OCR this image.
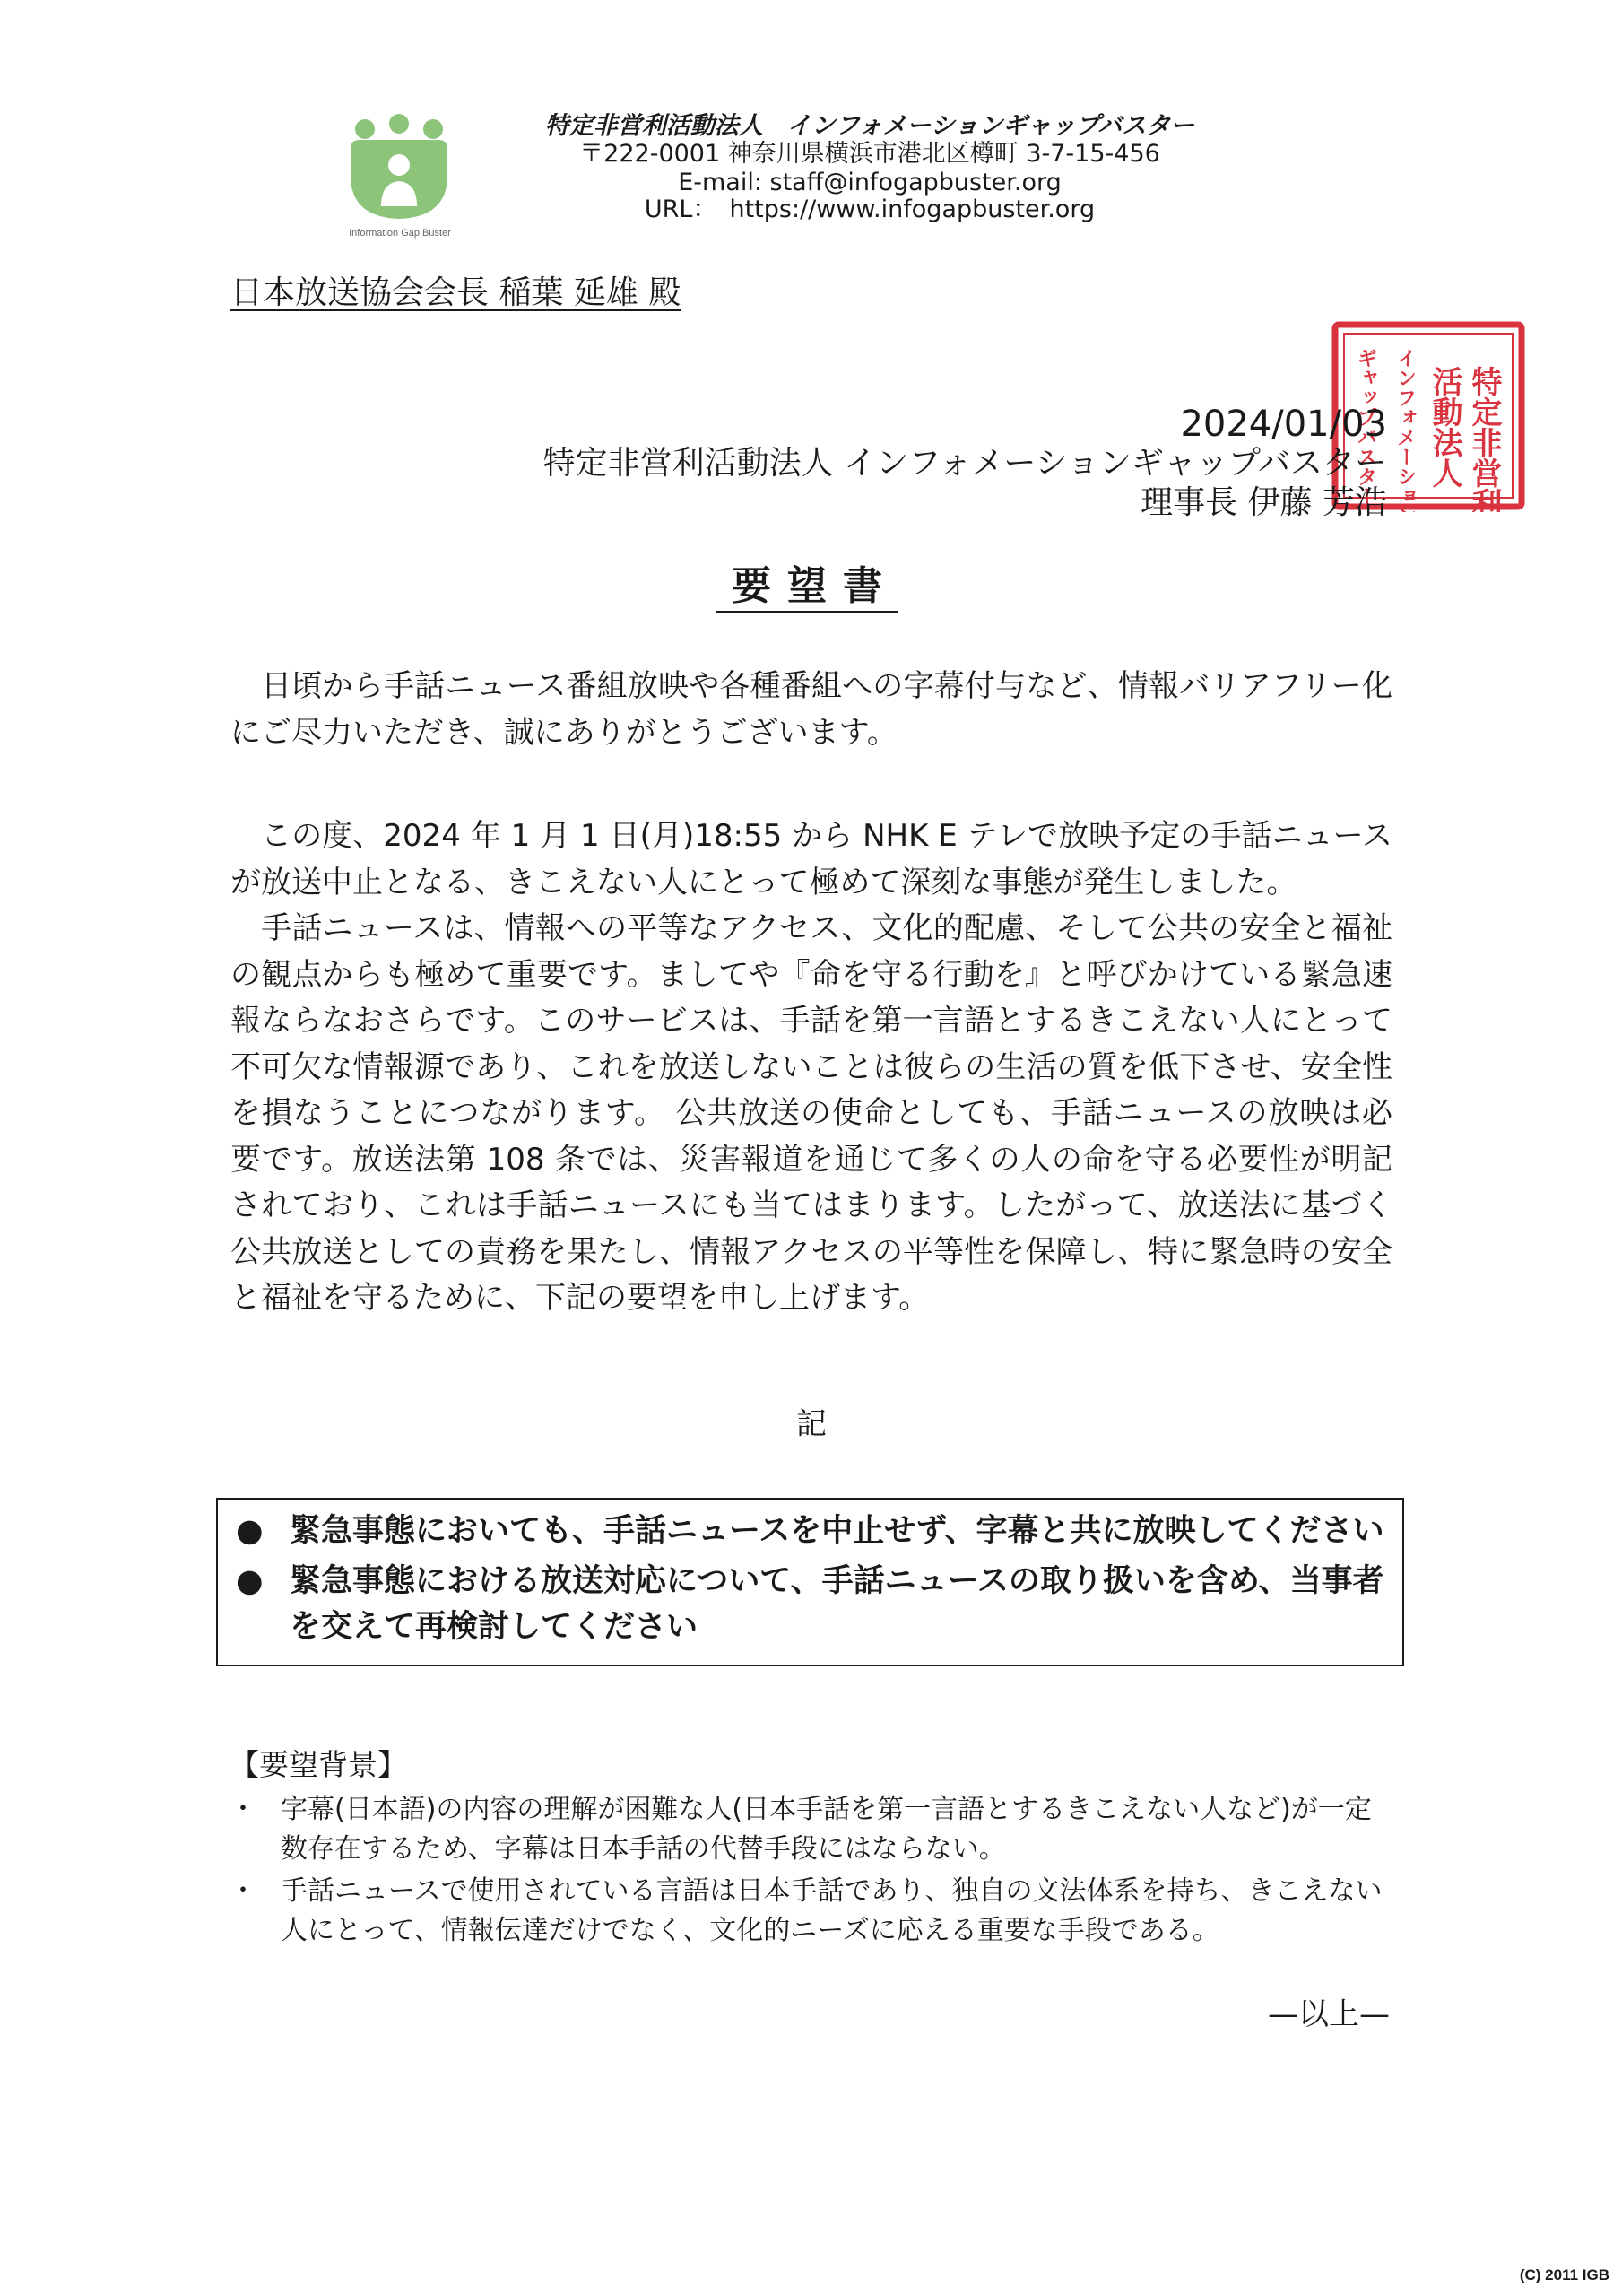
Information Gap Buster
特定非営利活動法人　インフォメーションギャップバスター
〒222-0001 神奈川県横浜市港北区樽町 3-7-15-456
E-mail: staff@infogapbuster.org
URL： https://www.infogapbuster.org
日本放送協会会長 稲葉 延雄 殿
特定非営利
活動法人
インフォメーション
ギャップバスター
2024/01/03
特定非営利活動法人 インフォメーションギャップバスター
理事長 伊藤 芳浩
要望書
　日頃から手話ニュース番組放映や各種番組への字幕付与など、情報バリアフリー化にご尽力いただき、誠にありがとうございます。
　この度、2024 年 1 月 1 日(月)18:55 から NHK E テレで放映予定の手話ニュースが放送中止となる、きこえない人にとって極めて深刻な事態が発生しました。
　手話ニュースは、情報への平等なアクセス、文化的配慮、そして公共の安全と福祉の観点からも極めて重要です。ましてや『命を守る行動を』と呼びかけている緊急速報ならなおさらです。このサービスは、手話を第一言語とするきこえない人にとって不可欠な情報源であり、これを放送しないことは彼らの生活の質を低下させ、安全性を損なうことにつながります。 公共放送の使命としても、手話ニュースの放映は必要です。放送法第 108 条では、災害報道を通じて多くの人の命を守る必要性が明記されており、これは手話ニュースにも当てはまります。したがって、放送法に基づく公共放送としての責務を果たし、情報アクセスの平等性を保障し、特に緊急時の安全と福祉を守るために、下記の要望を申し上げます。
記
● 緊急事態においても、手話ニュースを中止せず、字幕と共に放映してください
● 緊急事態における放送対応について、手話ニュースの取り扱いを含め、当事者を交えて再検討してください
【要望背景】
・ 字幕(日本語)の内容の理解が困難な人(日本手話を第一言語とするきこえない人など)が一定数存在するため、字幕は日本手話の代替手段にはならない。
・ 手話ニュースで使用されている言語は日本手話であり、独自の文法体系を持ち、きこえない人にとって、情報伝達だけでなく、文化的ニーズに応える重要な手段である。
—以上—
(C) 2011 IGB
